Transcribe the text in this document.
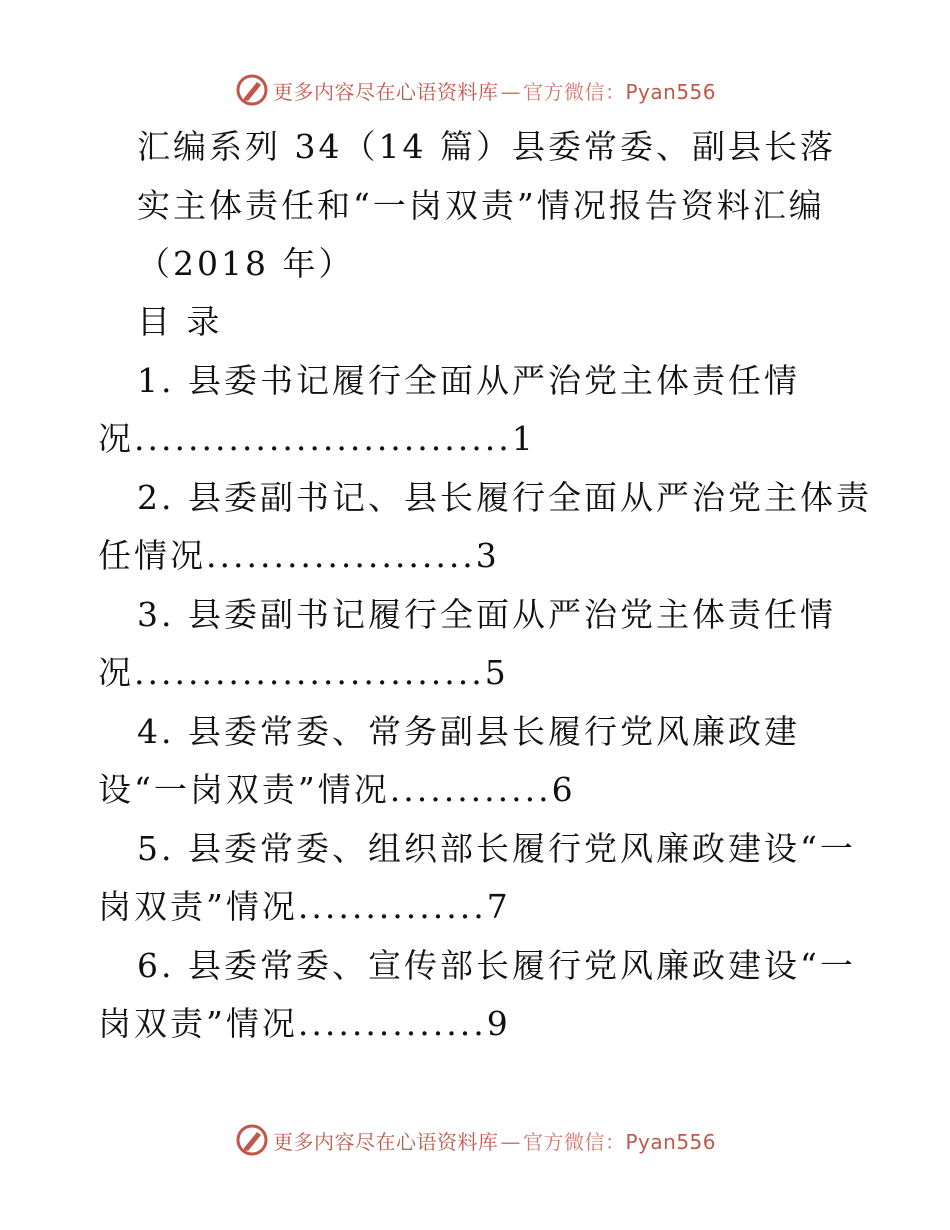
更多内容尽在心语资料库 — 官方微信： Pyan556
汇编系列 34（14 篇）县委常委、副县长落
实主体责任和“一岗双责”情况报告资料汇编
（2018 年）
目 录
1. 县委书记履行全面从严治党主体责任情
况............................1
2. 县委副书记、县长履行全面从严治党主体责
任情况....................3
3. 县委副书记履行全面从严治党主体责任情
况..........................5
4. 县委常委、常务副县长履行党风廉政建
设“一岗双责”情况............6
5. 县委常委、组织部长履行党风廉政建设“一
岗双责”情况..............7
6. 县委常委、宣传部长履行党风廉政建设“一
岗双责”情况..............9
更多内容尽在心语资料库 — 官方微信： Pyan556
